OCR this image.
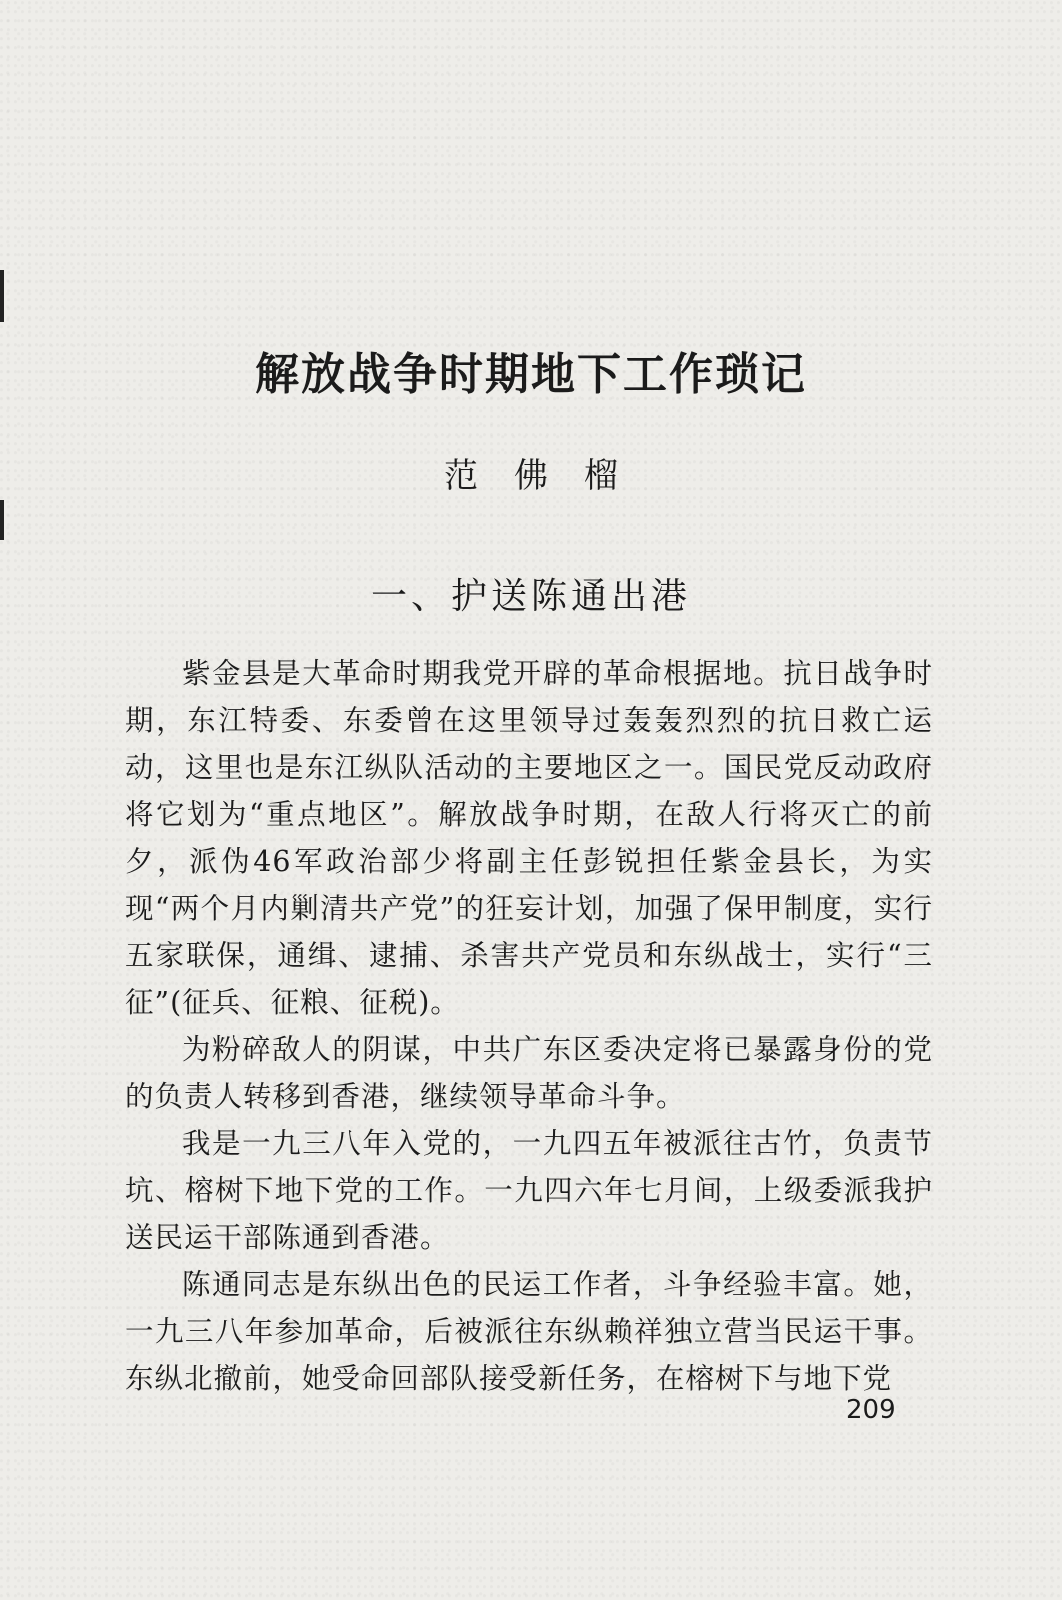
解放战争时期地下工作琐记
范佛榴
一、护送陈通出港

紫金县是大革命时期我党开辟的革命根据地。抗日战争时期，东江特委、东委曾在这里领导过轰轰烈烈的抗日救亡运动，这里也是东江纵队活动的主要地区之一。国民党反动政府将它划为“重点地区”。解放战争时期，在敌人行将灭亡的前夕，派伪46军政治部少将副主任彭锐担任紫金县长，为实现“两个月内剿清共产党”的狂妄计划，加强了保甲制度，实行五家联保，通缉、逮捕、杀害共产党员和东纵战士，实行“三征”(征兵、征粮、征税)。

为粉碎敌人的阴谋，中共广东区委决定将已暴露身份的党的负责人转移到香港，继续领导革命斗争。

我是一九三八年入党的，一九四五年被派往古竹，负责节坑、榕树下地下党的工作。一九四六年七月间，上级委派我护送民运干部陈通到香港。

陈通同志是东纵出色的民运工作者，斗争经验丰富。她，一九三八年参加革命，后被派往东纵赖祥独立营当民运干事。东纵北撤前，她受命回部队接受新任务，在榕树下与地下党

209
